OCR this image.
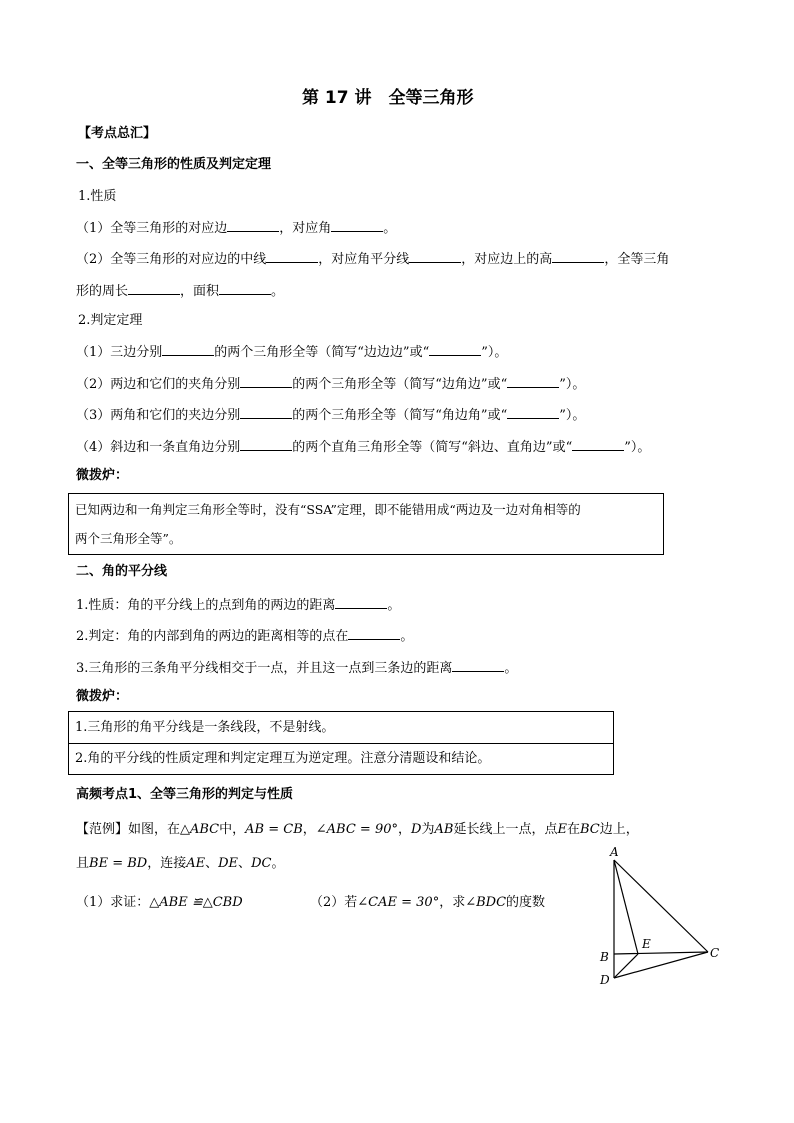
第 17 讲　全等三角形
【考点总汇】
一、全等三角形的性质及判定定理
1.性质
（1）全等三角形的对应边	，对应角	。
（2）全等三角形的对应边的中线	，对应角平分线	，对应边上的高	，全等三角
形的周长	，面积	。
2.判定定理
（1）三边分别	的两个三角形全等（简写“边边边”或“	”）。
（2）两边和它们的夹角分别	的两个三角形全等（简写“边角边”或“	”）。
（3）两角和它们的夹边分别	的两个三角形全等（简写“角边角”或“	”）。
（4）斜边和一条直角边分别	的两个直角三角形全等（简写“斜边、直角边”或“	”）。
微拨炉：
已知两边和一角判定三角形全等时，没有“SSA”定理，即不能错用成“两边及一边对角相等的
两个三角形全等”。
二、角的平分线
1.性质：角的平分线上的点到角的两边的距离	。
2.判定：角的内部到角的两边的距离相等的点在	。
3.三角形的三条角平分线相交于一点，并且这一点到三条边的距离	。
微拨炉：
1.三角形的角平分线是一条线段，不是射线。
2.角的平分线的性质定理和判定定理互为逆定理。注意分清题设和结论。
高频考点1、全等三角形的判定与性质
【范例】如图，在△ABC中，AB = CB，∠ABC = 90°，D为AB延长线上一点，点E在BC边上，
且BE = BD，连接AE、DE、DC。
（1）求证：△ABE ≌△CBD	（2）若∠CAE = 30°，求∠BDC的度数
A
B	C
D
E
